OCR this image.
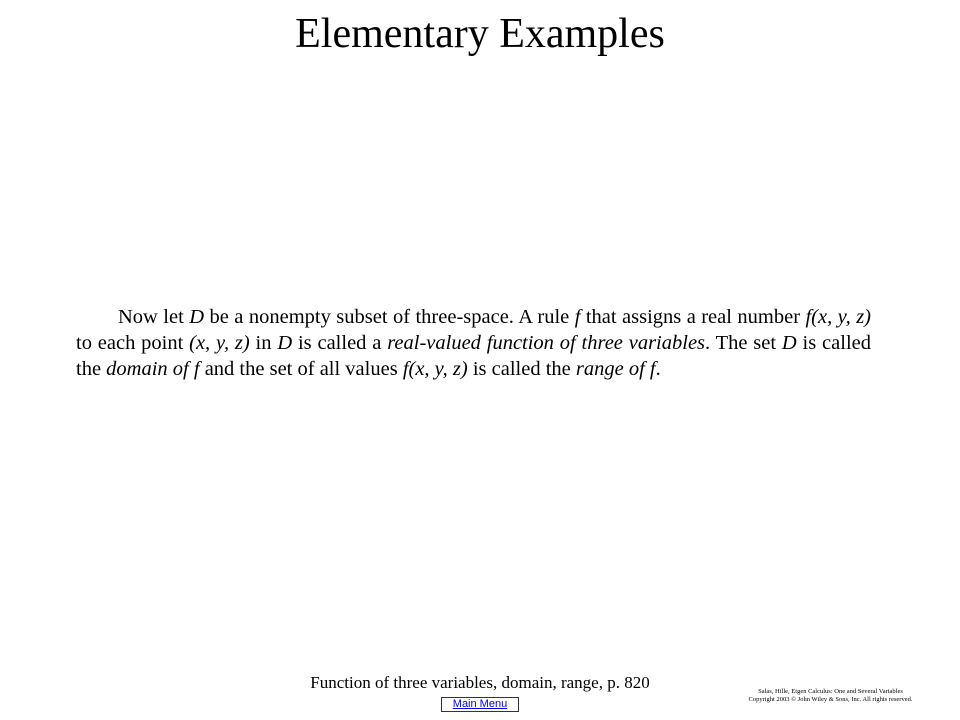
Elementary Examples

Now let D be a nonempty subset of three-space. A rule f that assigns a real number f(x, y, z) to each point (x, y, z) in D is called a real-valued function of three variables. The set D is called the domain of f and the set of all values f(x, y, z) is called the range of f.

Function of three variables, domain, range, p. 820	Salas, Hille, Etgen Calculus: One and Several Variables
Copyright 2003 © John Wiley & Sons, Inc. All rights reserved.
Main Menu
